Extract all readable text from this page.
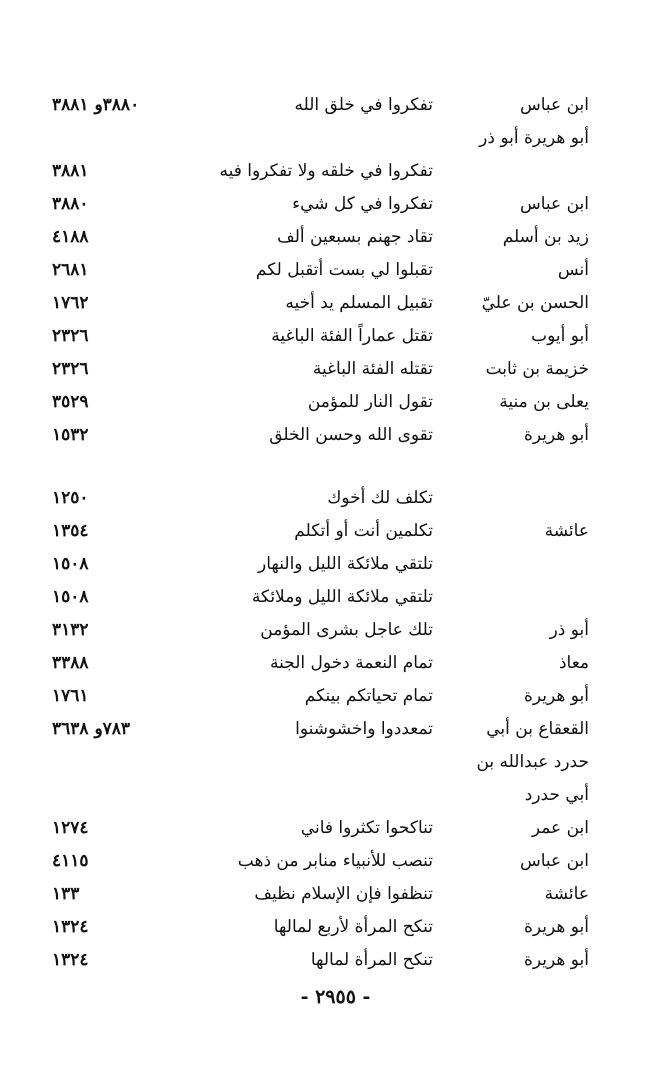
ابن عباس
تفكروا في خلق الله
٣٨٨٠و ٣٨٨١
أبو هريرة أبو ذر
تفكروا في خلقه ولا تفكروا فيه
٣٨٨١
ابن عباس
تفكروا في كل شيء
٣٨٨٠
زيد بن أسلم
تقاد جهنم بسبعين ألف
٤١٨٨
أنس
تقبلوا لي بست أتقبل لكم
٢٦٨١
الحسن بن عليّ
تقبيل المسلم يد أخيه
١٧٦٢
أبو أيوب
تقتل عماراً الفئة الباغية
٢٣٢٦
خزيمة بن ثابت
تقتله الفئة الباغية
٢٣٢٦
يعلى بن منية
تقول النار للمؤمن
٣٥٢٩
أبو هريرة
تقوى الله وحسن الخلق
١٥٣٢
تكلف لك أخوك
١٢٥٠
عائشة
تكلمين أنت أو أتكلم
١٣٥٤
تلتقي ملائكة الليل والنهار
١٥٠٨
تلتقي ملائكة الليل وملائكة
١٥٠٨
أبو ذر
تلك عاجل بشرى المؤمن
٣١٣٢
معاذ
تمام النعمة دخول الجنة
٣٣٨٨
أبو هريرة
تمام تحياتكم بينكم
١٧٦١
القعقاع بن أبي
تمعددوا واخشوشنوا
٧٨٣و ٣٦٣٨
حدرد عبدالله بن
أبي حدرد
ابن عمر
تناكحوا تكثروا فاني
١٢٧٤
ابن عباس
تنصب للأنبياء منابر من ذهب
٤١١٥
عائشة
تنظفوا فإن الإسلام نظيف
١٣٣
أبو هريرة
تنكح المرأة لأربع لمالها
١٣٢٤
أبو هريرة
تنكح المرأة لمالها
١٣٢٤
- ٢٩٥٥ -
